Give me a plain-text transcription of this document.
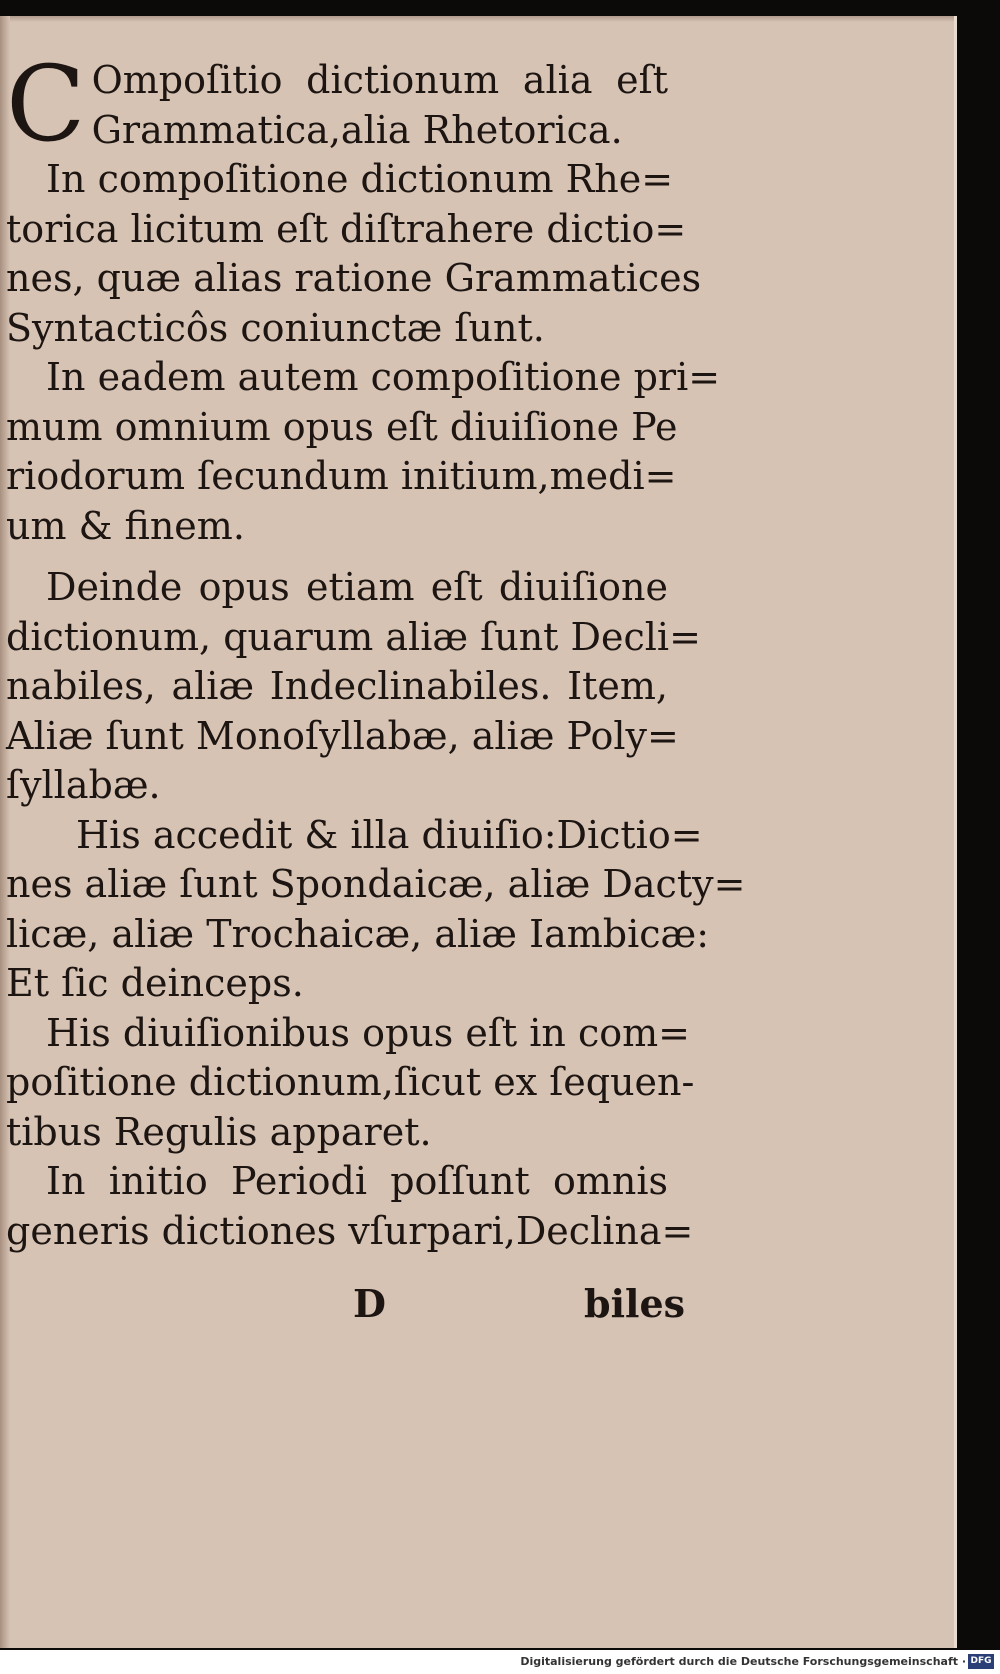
C Ompoſitio dictionum alia eſt
Grammatica,alia Rhetorica.
In compoſitione dictionum Rhe=
torica licitum eſt diſtrahere dictio=
nes, quæ alias ratione Grammatices
Syntacticôs coniunctæ ſunt.
In eadem autem compoſitione pri=
mum omnium opus eſt diuiſione Pe
riodorum ſecundum initium,medi=
um & finem.
Deinde opus etiam eſt diuiſione
dictionum, quarum aliæ ſunt Decli=
nabiles, aliæ Indeclinabiles. Item,
Aliæ ſunt Monoſyllabæ, aliæ Poly=
ſyllabæ.
His accedit & illa diuiſio:Dictio=
nes aliæ ſunt Spondaicæ, aliæ Dacty=
licæ, aliæ Trochaicæ, aliæ Iambicæ:
Et ſic deinceps.
His diuiſionibus opus eſt in com=
poſitione dictionum,ſicut ex ſequen-
tibus Regulis apparet.
In initio Periodi poſſunt omnis
generis dictiones vſurpari,Declina=
D	biles
Digitalisierung gefördert durch die Deutsche Forschungsgemeinschaft · DFG
